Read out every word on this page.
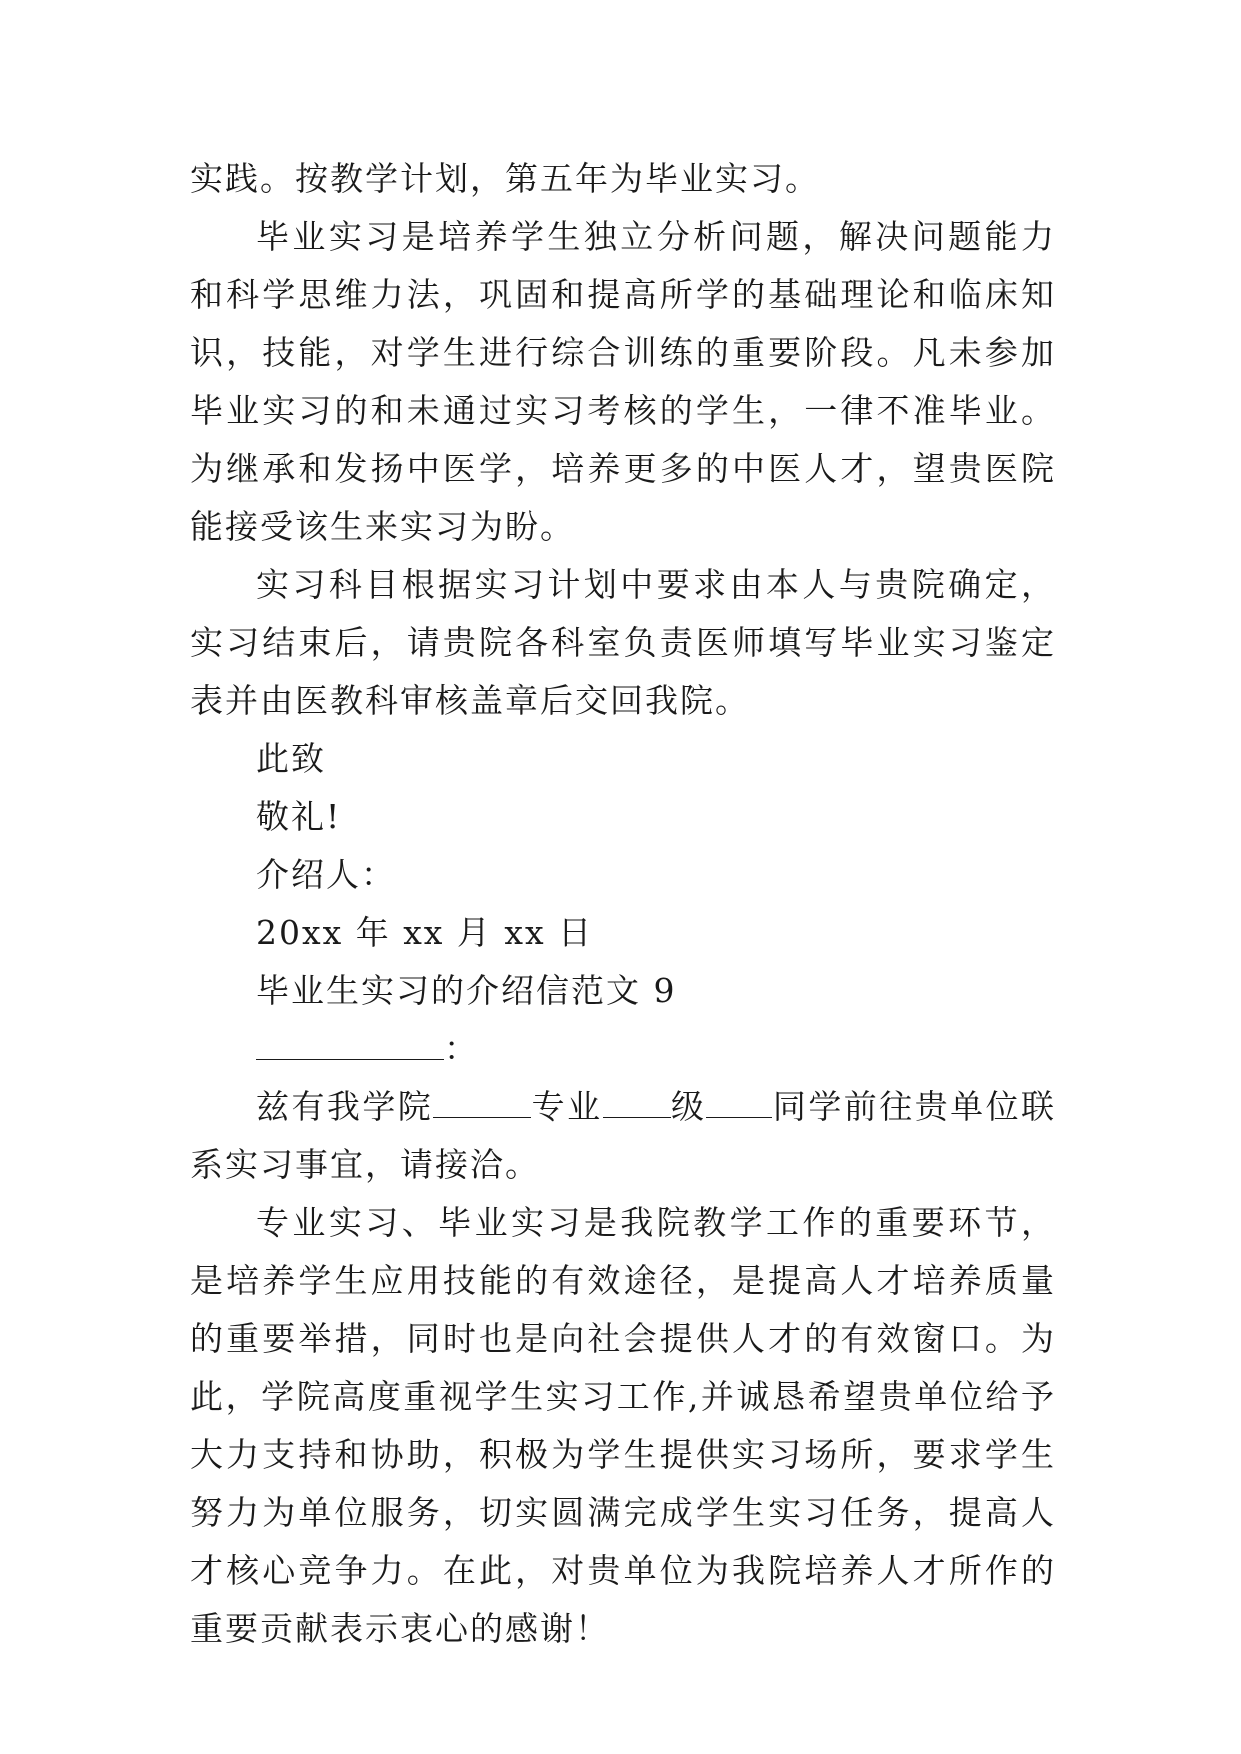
实践。按教学计划，第五年为毕业实习。

毕业实习是培养学生独立分析问题，解决问题能力和科学思维力法，巩固和提高所学的基础理论和临床知识，技能，对学生进行综合训练的重要阶段。凡未参加毕业实习的和未通过实习考核的学生，一律不准毕业。为继承和发扬中医学，培养更多的中医人才，望贵医院能接受该生来实习为盼。

实习科目根据实习计划中要求由本人与贵院确定，实习结束后，请贵院各科室负责医师填写毕业实习鉴定表并由医教科审核盖章后交回我院。

此致

敬礼!

介绍人：

20xx 年 xx 月 xx 日

毕业生实习的介绍信范文 9

：

兹有我学院	专业 级 同学前往贵单位联系实习事宜，请接洽。

专业实习、毕业实习是我院教学工作的重要环节，是培养学生应用技能的有效途径，是提高人才培养质量的重要举措，同时也是向社会提供人才的有效窗口。为此，学院高度重视学生实习工作,并诚恳希望贵单位给予大力支持和协助，积极为学生提供实习场所，要求学生努力为单位服务，切实圆满完成学生实习任务，提高人才核心竞争力。在此，对贵单位为我院培养人才所作的重要贡献表示衷心的感谢！
